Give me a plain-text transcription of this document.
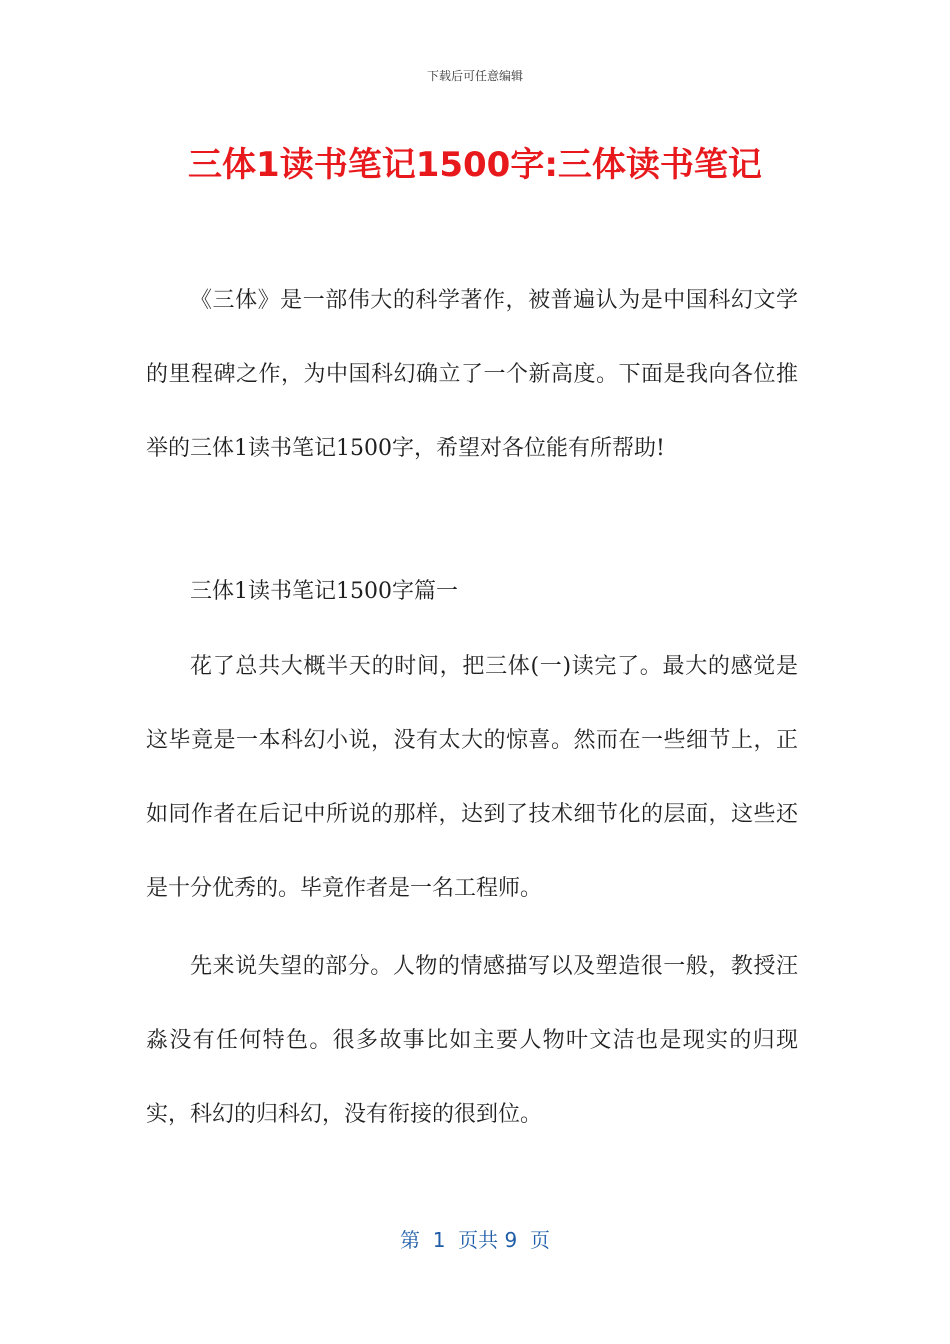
下载后可任意编辑
三体1读书笔记1500字:三体读书笔记

《三体》是一部伟大的科学著作，被普遍认为是中国科幻文学的里程碑之作，为中国科幻确立了一个新高度。下面是我向各位推举的三体1读书笔记1500字，希望对各位能有所帮助!

三体1读书笔记1500字篇一

花了总共大概半天的时间，把三体(一)读完了。最大的感觉是这毕竟是一本科幻小说，没有太大的惊喜。然而在一些细节上，正如同作者在后记中所说的那样，达到了技术细节化的层面，这些还是十分优秀的。毕竟作者是一名工程师。

先来说失望的部分。人物的情感描写以及塑造很一般，教授汪淼没有任何特色。很多故事比如主要人物叶文洁也是现实的归现实，科幻的归科幻，没有衔接的很到位。

第  1  页共 9  页
